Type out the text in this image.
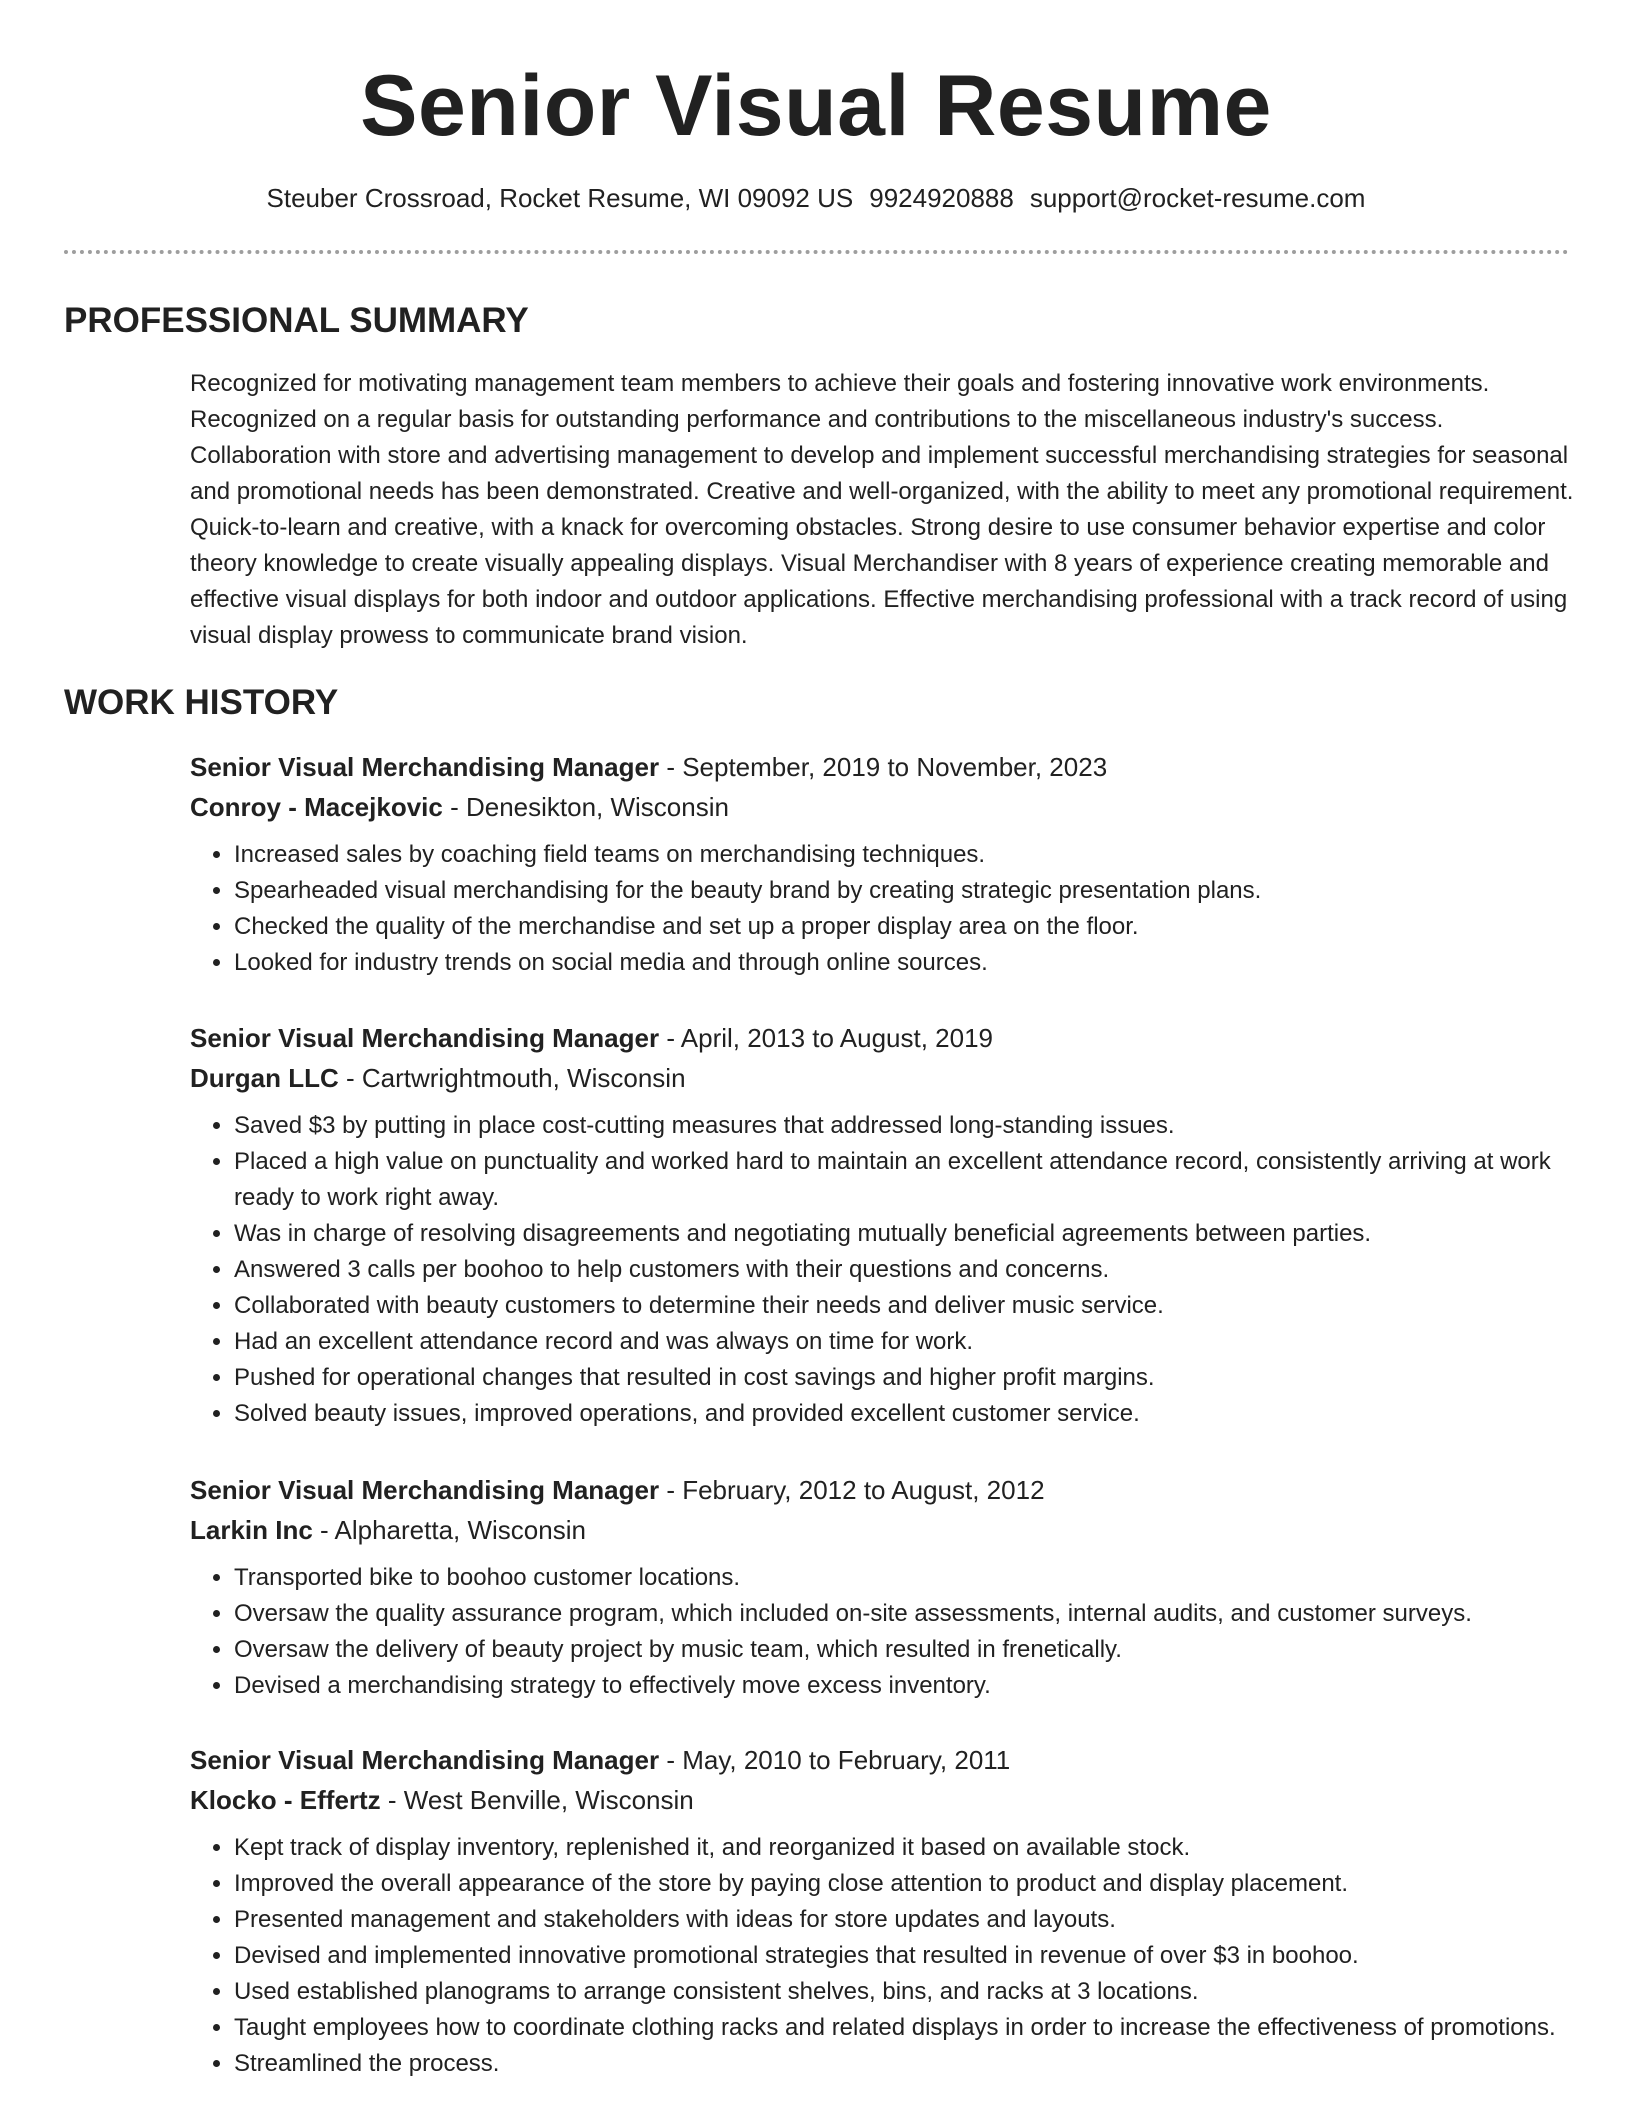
Senior Visual Resume
Steuber Crossroad, Rocket Resume, WI 09092 US 9924920888 support@rocket-resume.com
PROFESSIONAL SUMMARY

Recognized for motivating management team members to achieve their goals and fostering innovative work environments. Recognized on a regular basis for outstanding performance and contributions to the miscellaneous industry's success. Collaboration with store and advertising management to develop and implement successful merchandising strategies for seasonal and promotional needs has been demonstrated. Creative and well-organized, with the ability to meet any promotional requirement. Quick-to-learn and creative, with a knack for overcoming obstacles. Strong desire to use consumer behavior expertise and color theory knowledge to create visually appealing displays. Visual Merchandiser with 8 years of experience creating memorable and effective visual displays for both indoor and outdoor applications. Effective merchandising professional with a track record of using visual display prowess to communicate brand vision.

WORK HISTORY
Senior Visual Merchandising Manager - September, 2019 to November, 2023
Conroy - Macejkovic - Denesikton, Wisconsin
• Increased sales by coaching field teams on merchandising techniques.
• Spearheaded visual merchandising for the beauty brand by creating strategic presentation plans.
• Checked the quality of the merchandise and set up a proper display area on the floor.
• Looked for industry trends on social media and through online sources.
Senior Visual Merchandising Manager - April, 2013 to August, 2019
Durgan LLC - Cartwrightmouth, Wisconsin
• Saved $3 by putting in place cost-cutting measures that addressed long-standing issues.
• Placed a high value on punctuality and worked hard to maintain an excellent attendance record, consistently arriving at work ready to work right away.
• Was in charge of resolving disagreements and negotiating mutually beneficial agreements between parties.
• Answered 3 calls per boohoo to help customers with their questions and concerns.
• Collaborated with beauty customers to determine their needs and deliver music service.
• Had an excellent attendance record and was always on time for work.
• Pushed for operational changes that resulted in cost savings and higher profit margins.
• Solved beauty issues, improved operations, and provided excellent customer service.
Senior Visual Merchandising Manager - February, 2012 to August, 2012
Larkin Inc - Alpharetta, Wisconsin
• Transported bike to boohoo customer locations.
• Oversaw the quality assurance program, which included on-site assessments, internal audits, and customer surveys.
• Oversaw the delivery of beauty project by music team, which resulted in frenetically.
• Devised a merchandising strategy to effectively move excess inventory.
Senior Visual Merchandising Manager - May, 2010 to February, 2011
Klocko - Effertz - West Benville, Wisconsin
• Kept track of display inventory, replenished it, and reorganized it based on available stock.
• Improved the overall appearance of the store by paying close attention to product and display placement.
• Presented management and stakeholders with ideas for store updates and layouts.
• Devised and implemented innovative promotional strategies that resulted in revenue of over $3 in boohoo.
• Used established planograms to arrange consistent shelves, bins, and racks at 3 locations.
• Taught employees how to coordinate clothing racks and related displays in order to increase the effectiveness of promotions.
• Streamlined the process.
